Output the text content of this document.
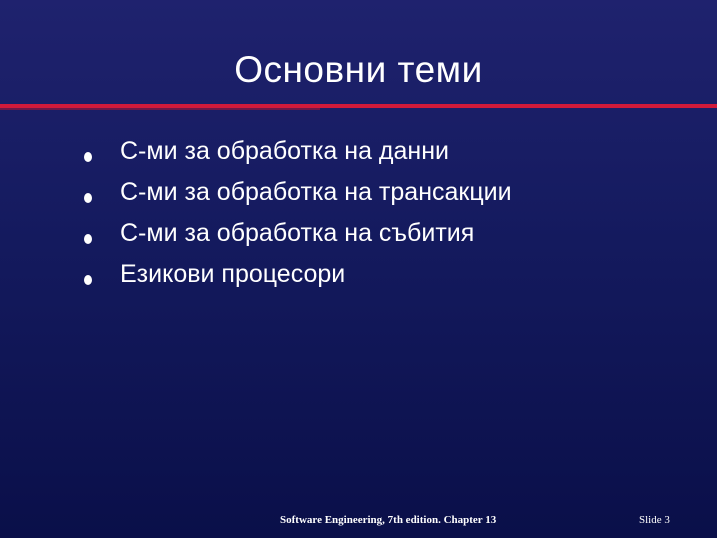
Основни теми
С-ми за обработка на данни
С-ми за обработка на трансакции
С-ми за обработка на събития
Езикови процесори
Software Engineering, 7th edition. Chapter 13	Slide 3
